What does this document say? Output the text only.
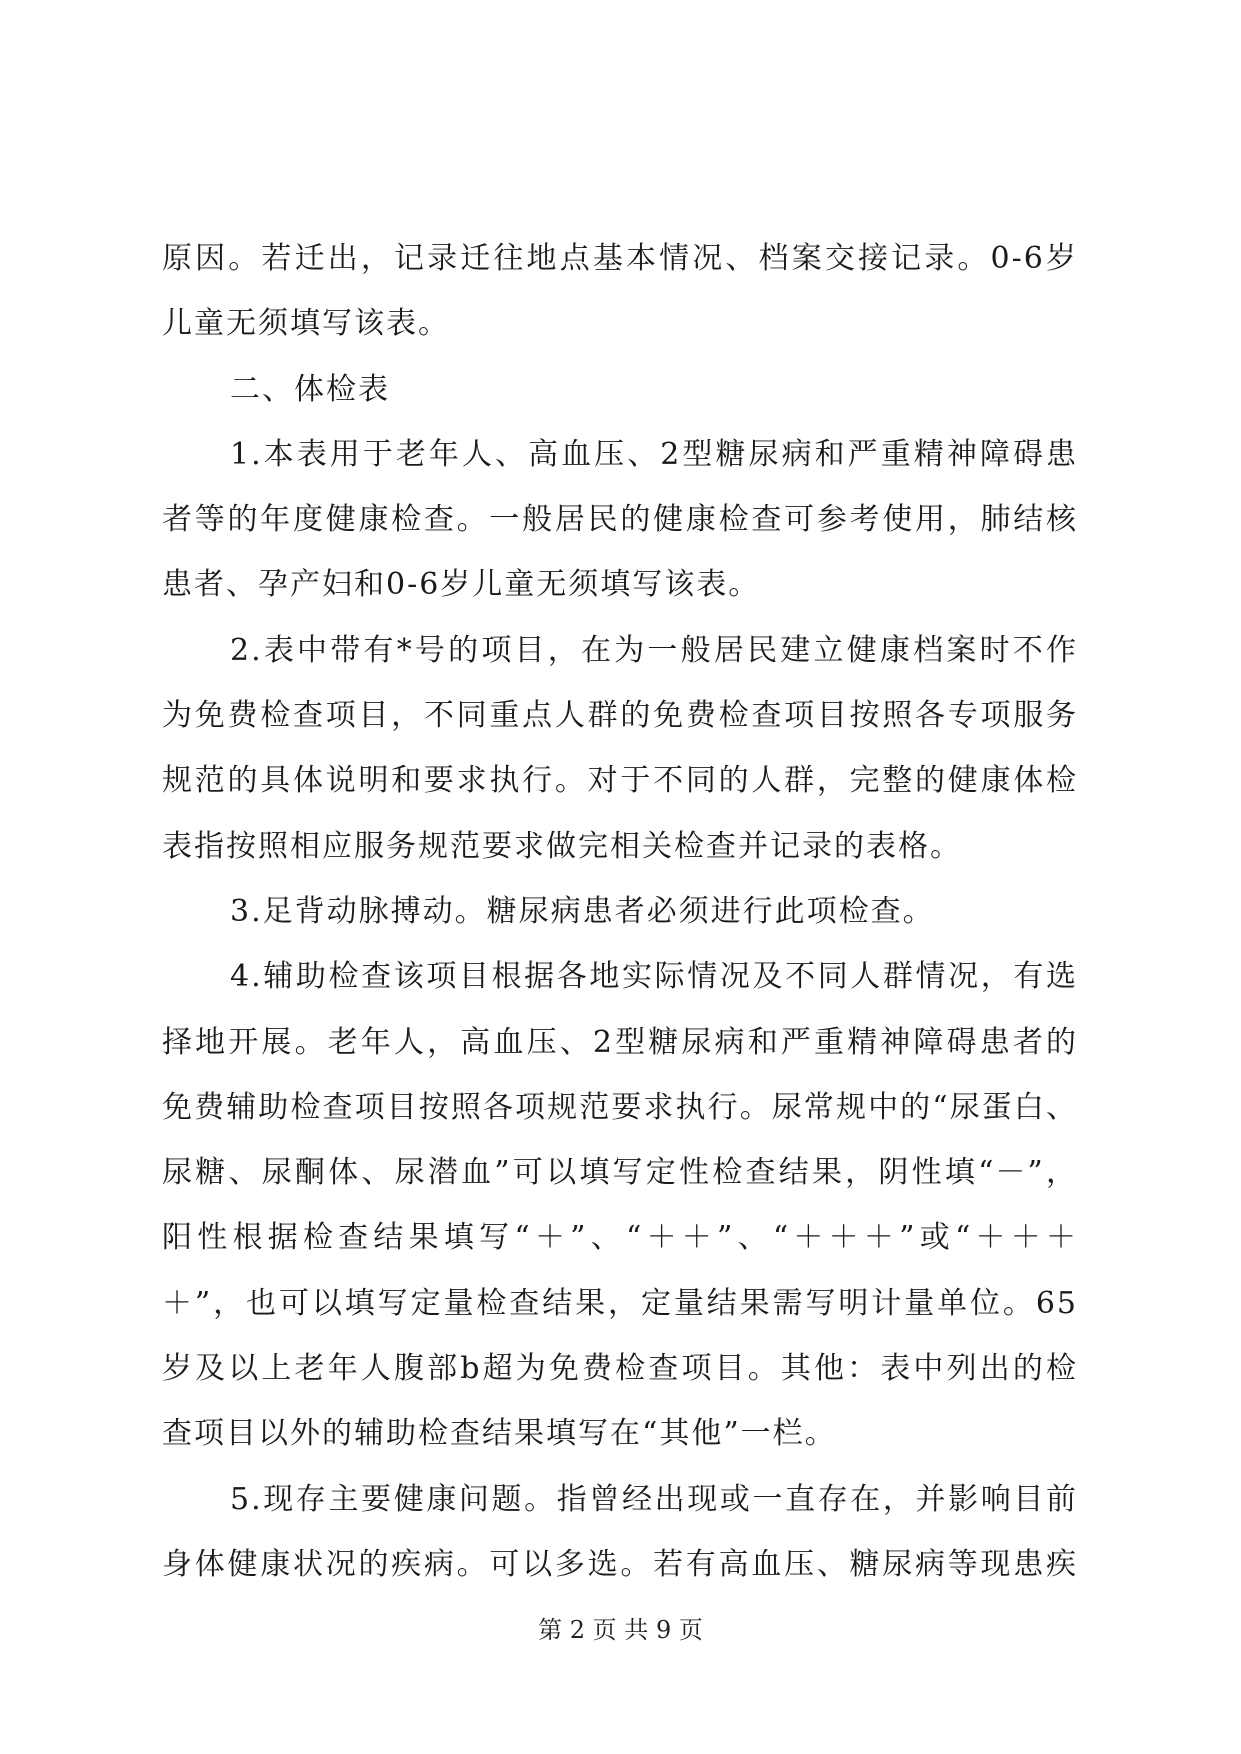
原因。若迁出，记录迁往地点基本情况、档案交接记录。0-6岁
儿童无须填写该表。
二、体检表
1.本表用于老年人、高血压、2型糖尿病和严重精神障碍患
者等的年度健康检查。一般居民的健康检查可参考使用，肺结核
患者、孕产妇和0-6岁儿童无须填写该表。
2.表中带有*号的项目，在为一般居民建立健康档案时不作
为免费检查项目，不同重点人群的免费检查项目按照各专项服务
规范的具体说明和要求执行。对于不同的人群，完整的健康体检
表指按照相应服务规范要求做完相关检查并记录的表格。
3.足背动脉搏动。糖尿病患者必须进行此项检查。
4.辅助检查该项目根据各地实际情况及不同人群情况，有选
择地开展。老年人，高血压、2型糖尿病和严重精神障碍患者的
免费辅助检查项目按照各项规范要求执行。尿常规中的“尿蛋白、
尿糖、尿酮体、尿潜血”可以填写定性检查结果，阴性填“－”，
阳性根据检查结果填写“＋”、“＋＋”、“＋＋＋”或“＋＋＋
＋”，也可以填写定量检查结果，定量结果需写明计量单位。65
岁及以上老年人腹部b超为免费检查项目。其他：表中列出的检
查项目以外的辅助检查结果填写在“其他”一栏。
5.现存主要健康问题。指曾经出现或一直存在，并影响目前
身体健康状况的疾病。可以多选。若有高血压、糖尿病等现患疾
第 2 页 共 9 页
